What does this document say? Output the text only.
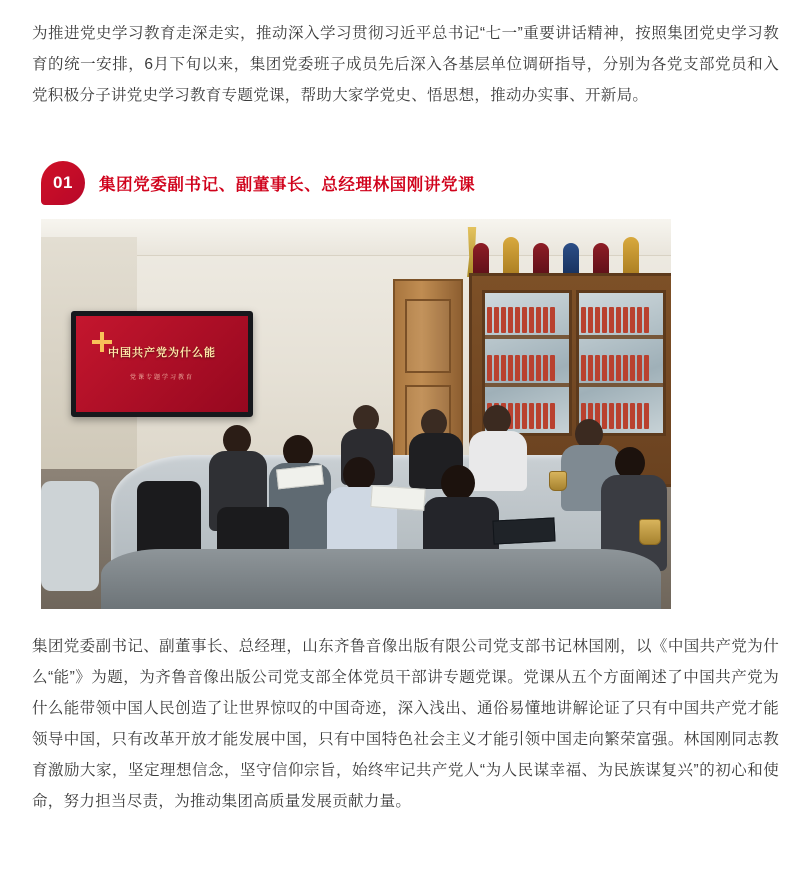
为推进党史学习教育走深走实，推动深入学习贯彻习近平总书记“七一”重要讲话精神，按照集团党史学习教育的统一安排，6月下旬以来，集团党委班子成员先后深入各基层单位调研指导，分别为各党支部党员和入党积极分子讲党史学习教育专题党课，帮助大家学党史、悟思想，推动办实事、开新局。

01	集团党委副书记、副董事长、总经理林国刚讲党课
中国共产党为什么能
党课专题学习教育

集团党委副书记、副董事长、总经理，山东齐鲁音像出版有限公司党支部书记林国刚，以《中国共产党为什么“能”》为题，为齐鲁音像出版公司党支部全体党员干部讲专题党课。党课从五个方面阐述了中国共产党为什么能带领中国人民创造了让世界惊叹的中国奇迹，深入浅出、通俗易懂地讲解论证了只有中国共产党才能领导中国，只有改革开放才能发展中国，只有中国特色社会主义才能引领中国走向繁荣富强。林国刚同志教育激励大家，坚定理想信念，坚守信仰宗旨，始终牢记共产党人“为人民谋幸福、为民族谋复兴”的初心和使命，努力担当尽责，为推动集团高质量发展贡献力量。
